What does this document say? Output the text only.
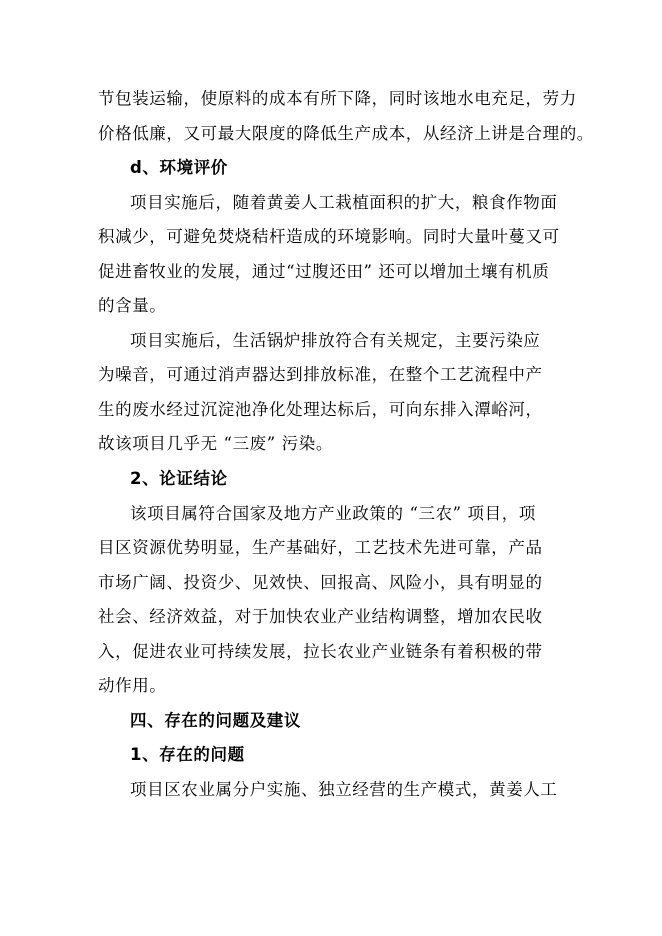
节包装运输，使原料的成本有所下降，同时该地水电充足，劳力
价格低廉，又可最大限度的降低生产成本，从经济上讲是合理的。
d、环境评价
项目实施后，随着黄姜人工栽植面积的扩大，粮食作物面
积减少，可避免焚烧秸杆造成的环境影响。同时大量叶蔓又可
促进畜牧业的发展，通过“过腹还田” 还可以增加土壤有机质
的含量。
项目实施后，生活锅炉排放符合有关规定，主要污染应
为噪音，可通过消声器达到排放标准，在整个工艺流程中产
生的废水经过沉淀池净化处理达标后，可向东排入潭峪河，
故该项目几乎无 “三废” 污染。
2、论证结论
该项目属符合国家及地方产业政策的 “三农” 项目，项
目区资源优势明显，生产基础好，工艺技术先进可靠，产品
市场广阔、投资少、见效快、回报高、风险小，具有明显的
社会、经济效益，对于加快农业产业结构调整，增加农民收
入，促进农业可持续发展，拉长农业产业链条有着积极的带
动作用。
四、存在的问题及建议
1、存在的问题
项目区农业属分户实施、独立经营的生产模式，黄姜人工
